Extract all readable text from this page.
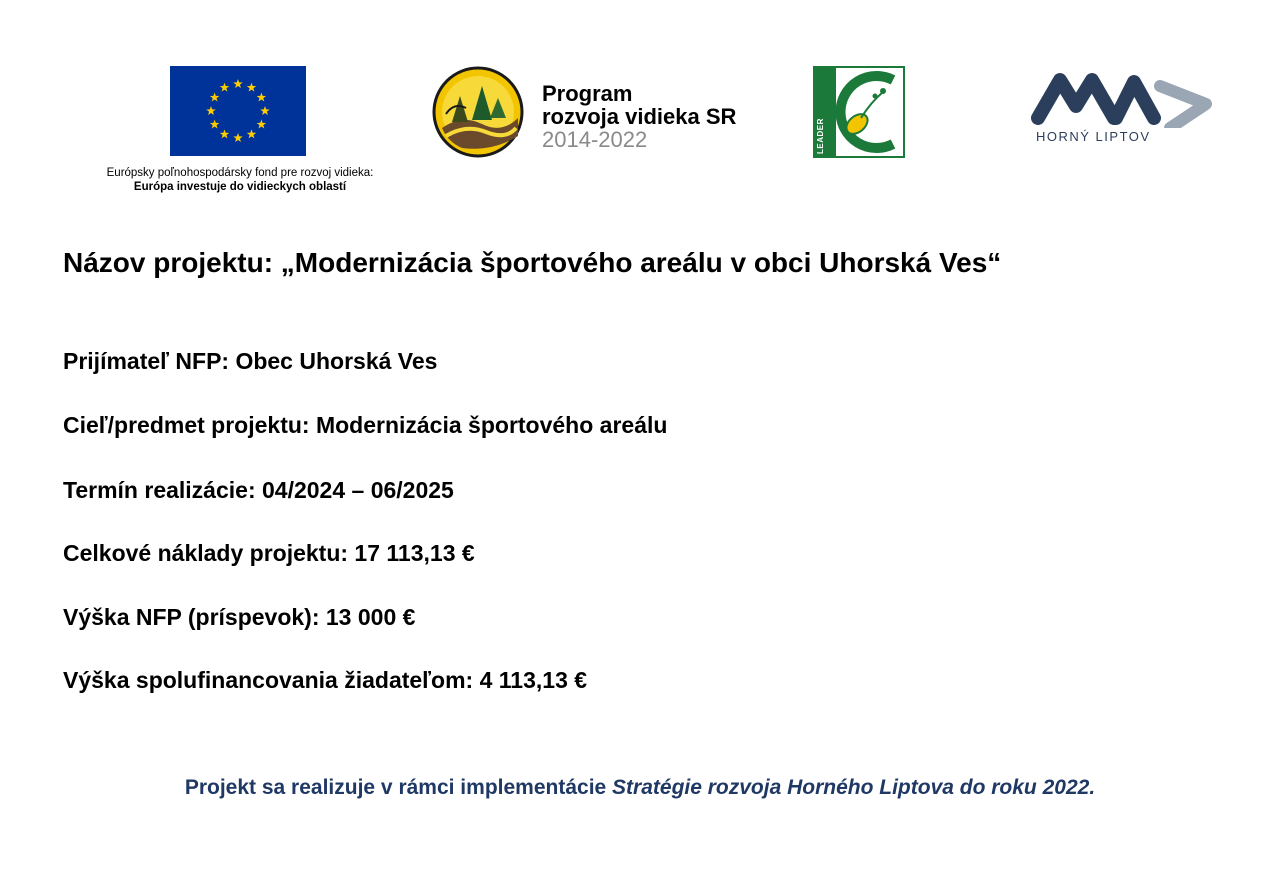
Európsky poľnohospodársky fond pre rozvoj vidieka:
Európa investuje do vidieckych oblastí
Program
rozvoja vidieka SR
2014-2022	LEADER	HORNÝ LIPTOV
Názov projektu: „Modernizácia športového areálu v obci Uhorská Ves“
Prijímateľ NFP: Obec Uhorská Ves
Cieľ/predmet projektu: Modernizácia športového areálu
Termín realizácie: 04/2024 – 06/2025
Celkové náklady projektu: 17 113,13 €
Výška NFP (príspevok): 13 000 €
Výška spolufinancovania žiadateľom: 4 113,13 €
Projekt sa realizuje v rámci implementácie Stratégie rozvoja Horného Liptova do roku 2022.
